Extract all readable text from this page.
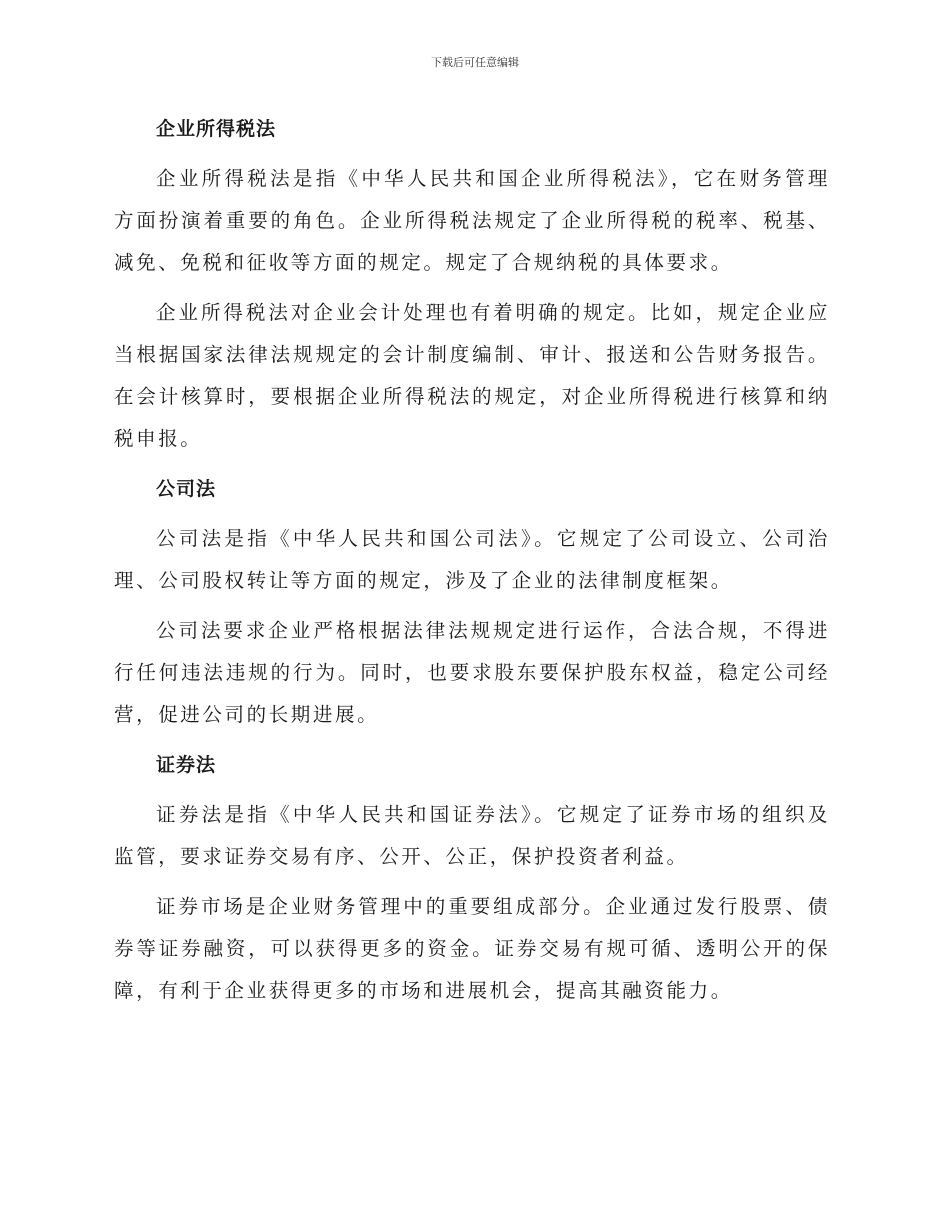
下载后可任意编辑
企业所得税法

企业所得税法是指《中华人民共和国企业所得税法》，它在财务管理方面扮演着重要的角色。企业所得税法规定了企业所得税的税率、税基、减免、免税和征收等方面的规定。规定了合规纳税的具体要求。

企业所得税法对企业会计处理也有着明确的规定。比如，规定企业应当根据国家法律法规规定的会计制度编制、审计、报送和公告财务报告。在会计核算时，要根据企业所得税法的规定，对企业所得税进行核算和纳税申报。

公司法

公司法是指《中华人民共和国公司法》。它规定了公司设立、公司治理、公司股权转让等方面的规定，涉及了企业的法律制度框架。

公司法要求企业严格根据法律法规规定进行运作，合法合规，不得进行任何违法违规的行为。同时，也要求股东要保护股东权益，稳定公司经营，促进公司的长期进展。

证券法

证券法是指《中华人民共和国证券法》。它规定了证券市场的组织及监管，要求证券交易有序、公开、公正，保护投资者利益。

证券市场是企业财务管理中的重要组成部分。企业通过发行股票、债券等证券融资，可以获得更多的资金。证券交易有规可循、透明公开的保障，有利于企业获得更多的市场和进展机会，提高其融资能力。
